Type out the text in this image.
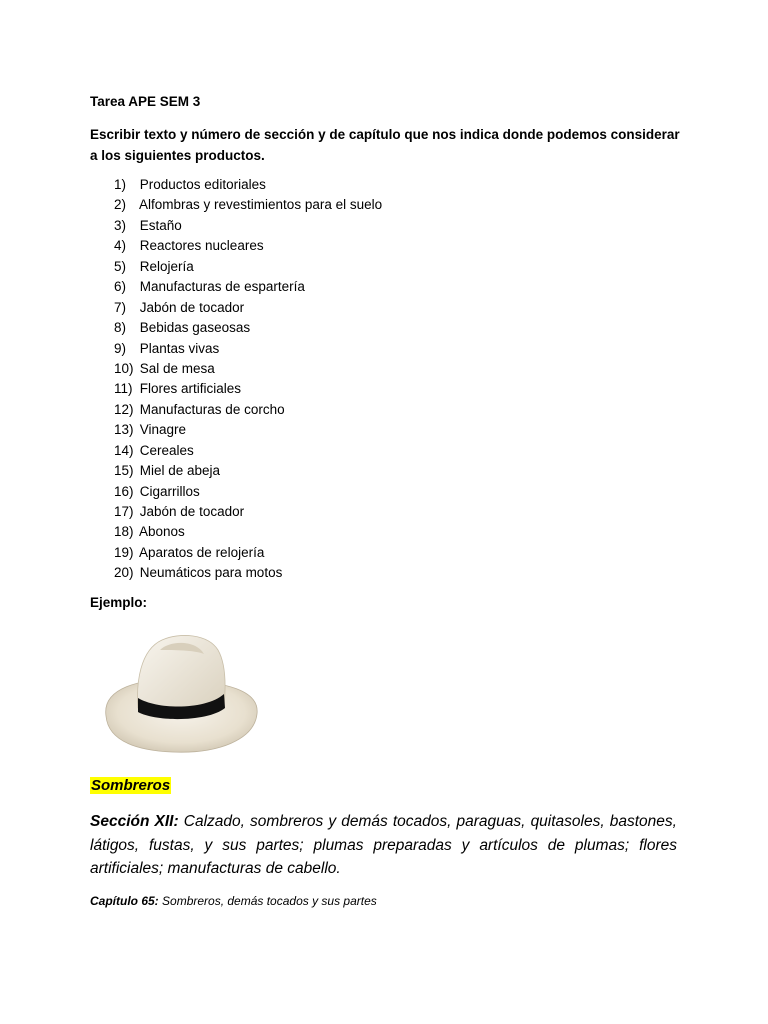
Tarea APE SEM 3
Escribir texto y número de sección y de capítulo que nos indica donde podemos considerar a los siguientes productos.
1) Productos editoriales
2) Alfombras y revestimientos para el suelo
3) Estaño
4) Reactores nucleares
5) Relojería
6) Manufacturas de espartería
7) Jabón de tocador
8) Bebidas gaseosas
9) Plantas vivas
10) Sal de mesa
11) Flores artificiales
12) Manufacturas de corcho
13) Vinagre
14) Cereales
15) Miel de abeja
16) Cigarrillos
17) Jabón de tocador
18) Abonos
19) Aparatos de relojería
20) Neumáticos para motos
Ejemplo:
Sombreros
Sección XII: Calzado, sombreros y demás tocados, paraguas, quitasoles, bastones, látigos, fustas, y sus partes; plumas preparadas y artículos de plumas; flores artificiales; manufacturas de cabello.
Capítulo 65: Sombreros, demás tocados y sus partes
